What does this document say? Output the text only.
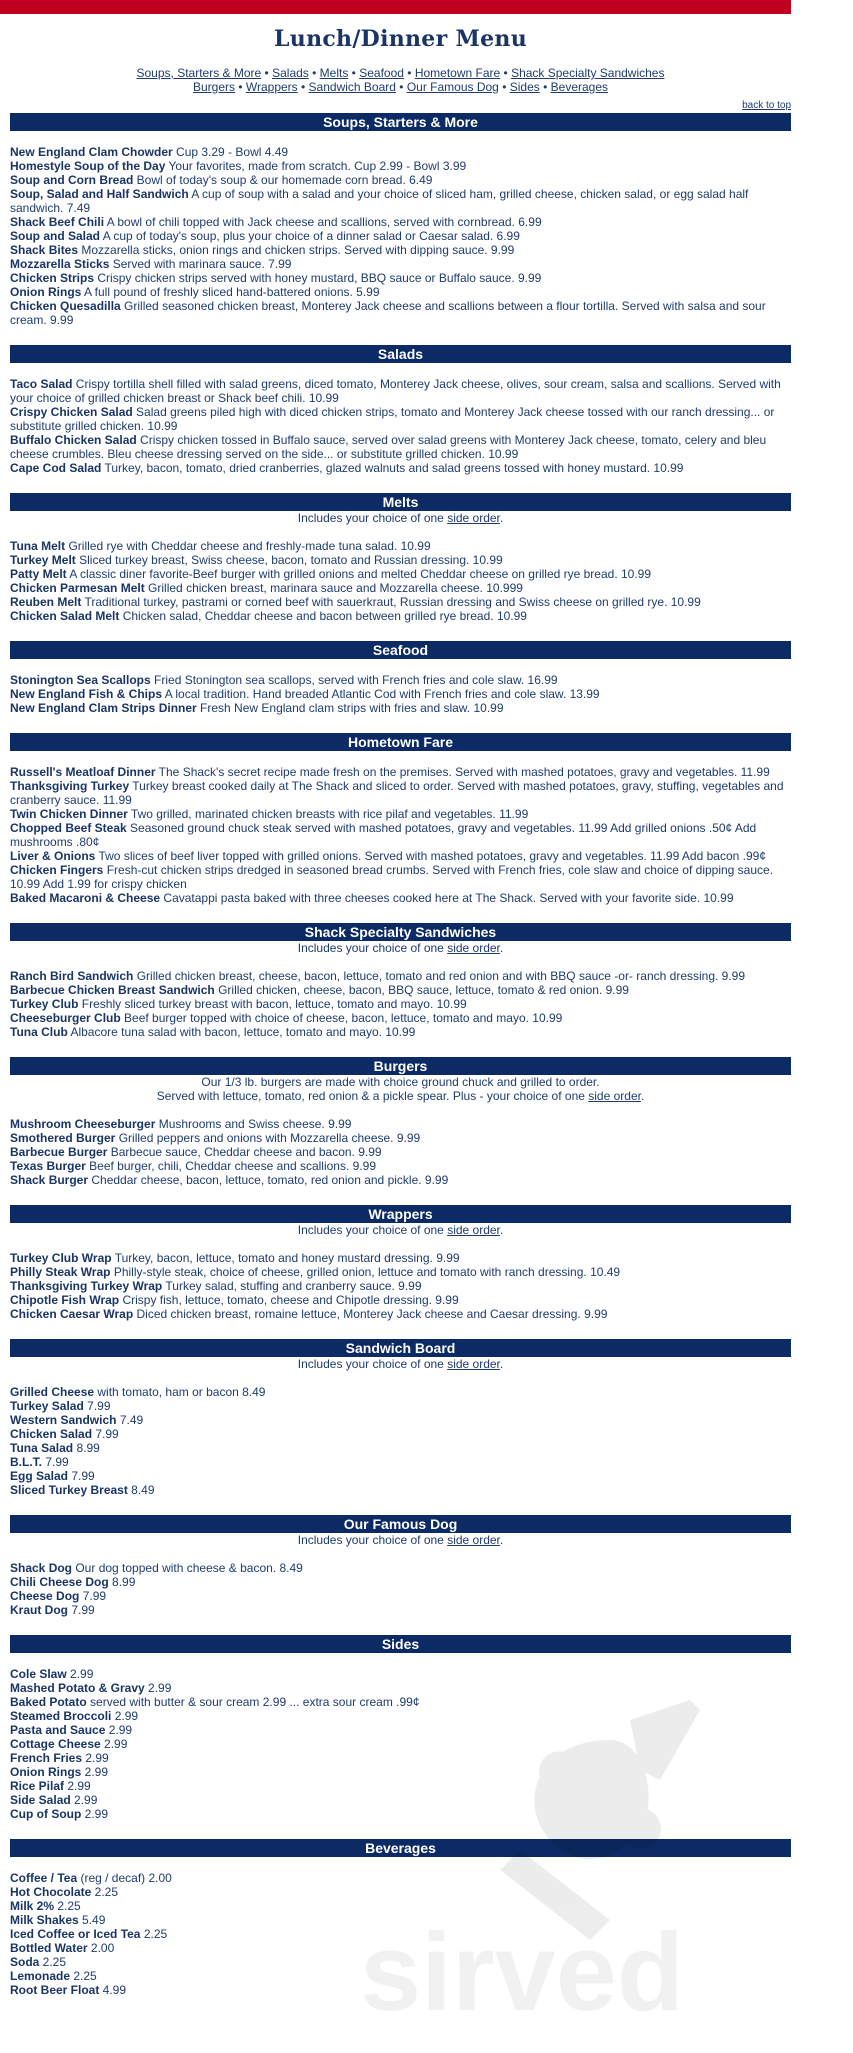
Lunch/Dinner Menu
Soups, Starters & More • Salads • Melts • Seafood • Hometown Fare • Shack Specialty Sandwiches
Burgers • Wrappers • Sandwich Board • Our Famous Dog • Sides • Beverages
back to top
Soups, Starters & More
New England Clam Chowder Cup 3.29 - Bowl 4.49
Homestyle Soup of the Day Your favorites, made from scratch. Cup 2.99 - Bowl 3.99
Soup and Corn Bread Bowl of today's soup & our homemade corn bread. 6.49
Soup, Salad and Half Sandwich A cup of soup with a salad and your choice of sliced ham, grilled cheese, chicken salad, or egg salad half sandwich. 7.49
Shack Beef Chili A bowl of chili topped with Jack cheese and scallions, served with cornbread. 6.99
Soup and Salad A cup of today's soup, plus your choice of a dinner salad or Caesar salad. 6.99
Shack Bites Mozzarella sticks, onion rings and chicken strips. Served with dipping sauce. 9.99
Mozzarella Sticks Served with marinara sauce. 7.99
Chicken Strips Crispy chicken strips served with honey mustard, BBQ sauce or Buffalo sauce. 9.99
Onion Rings A full pound of freshly sliced hand-battered onions. 5.99
Chicken Quesadilla Grilled seasoned chicken breast, Monterey Jack cheese and scallions between a flour tortilla. Served with salsa and sour cream. 9.99
Salads
Taco Salad Crispy tortilla shell filled with salad greens, diced tomato, Monterey Jack cheese, olives, sour cream, salsa and scallions. Served with your choice of grilled chicken breast or Shack beef chili. 10.99
Crispy Chicken Salad Salad greens piled high with diced chicken strips, tomato and Monterey Jack cheese tossed with our ranch dressing... or substitute grilled chicken. 10.99
Buffalo Chicken Salad Crispy chicken tossed in Buffalo sauce, served over salad greens with Monterey Jack cheese, tomato, celery and bleu cheese crumbles. Bleu cheese dressing served on the side... or substitute grilled chicken. 10.99
Cape Cod Salad Turkey, bacon, tomato, dried cranberries, glazed walnuts and salad greens tossed with honey mustard. 10.99
Melts
Includes your choice of one side order.
Tuna Melt Grilled rye with Cheddar cheese and freshly-made tuna salad. 10.99
Turkey Melt Sliced turkey breast, Swiss cheese, bacon, tomato and Russian dressing. 10.99
Patty Melt A classic diner favorite-Beef burger with grilled onions and melted Cheddar cheese on grilled rye bread. 10.99
Chicken Parmesan Melt Grilled chicken breast, marinara sauce and Mozzarella cheese. 10.999
Reuben Melt Traditional turkey, pastrami or corned beef with sauerkraut, Russian dressing and Swiss cheese on grilled rye. 10.99
Chicken Salad Melt Chicken salad, Cheddar cheese and bacon between grilled rye bread. 10.99
Seafood
Stonington Sea Scallops Fried Stonington sea scallops, served with French fries and cole slaw. 16.99
New England Fish & Chips A local tradition. Hand breaded Atlantic Cod with French fries and cole slaw. 13.99
New England Clam Strips Dinner Fresh New England clam strips with fries and slaw. 10.99
Hometown Fare
Russell's Meatloaf Dinner The Shack's secret recipe made fresh on the premises. Served with mashed potatoes, gravy and vegetables. 11.99
Thanksgiving Turkey Turkey breast cooked daily at The Shack and sliced to order. Served with mashed potatoes, gravy, stuffing, vegetables and cranberry sauce. 11.99
Twin Chicken Dinner Two grilled, marinated chicken breasts with rice pilaf and vegetables. 11.99
Chopped Beef Steak Seasoned ground chuck steak served with mashed potatoes, gravy and vegetables. 11.99 Add grilled onions .50¢ Add mushrooms .80¢
Liver & Onions Two slices of beef liver topped with grilled onions. Served with mashed potatoes, gravy and vegetables. 11.99 Add bacon .99¢
Chicken Fingers Fresh-cut chicken strips dredged in seasoned bread crumbs. Served with French fries, cole slaw and choice of dipping sauce. 10.99 Add 1.99 for crispy chicken
Baked Macaroni & Cheese Cavatappi pasta baked with three cheeses cooked here at The Shack. Served with your favorite side. 10.99
Shack Specialty Sandwiches
Includes your choice of one side order.
Ranch Bird Sandwich Grilled chicken breast, cheese, bacon, lettuce, tomato and red onion and with BBQ sauce -or- ranch dressing. 9.99
Barbecue Chicken Breast Sandwich Grilled chicken, cheese, bacon, BBQ sauce, lettuce, tomato & red onion. 9.99
Turkey Club Freshly sliced turkey breast with bacon, lettuce, tomato and mayo. 10.99
Cheeseburger Club Beef burger topped with choice of cheese, bacon, lettuce, tomato and mayo. 10.99
Tuna Club Albacore tuna salad with bacon, lettuce, tomato and mayo. 10.99
Burgers
Our 1/3 lb. burgers are made with choice ground chuck and grilled to order.
Served with lettuce, tomato, red onion & a pickle spear. Plus - your choice of one side order.
Mushroom Cheeseburger Mushrooms and Swiss cheese. 9.99
Smothered Burger Grilled peppers and onions with Mozzarella cheese. 9.99
Barbecue Burger Barbecue sauce, Cheddar cheese and bacon. 9.99
Texas Burger Beef burger, chili, Cheddar cheese and scallions. 9.99
Shack Burger Cheddar cheese, bacon, lettuce, tomato, red onion and pickle. 9.99
Wrappers
Includes your choice of one side order.
Turkey Club Wrap Turkey, bacon, lettuce, tomato and honey mustard dressing. 9.99
Philly Steak Wrap Philly-style steak, choice of cheese, grilled onion, lettuce and tomato with ranch dressing. 10.49
Thanksgiving Turkey Wrap Turkey salad, stuffing and cranberry sauce. 9.99
Chipotle Fish Wrap Crispy fish, lettuce, tomato, cheese and Chipotle dressing. 9.99
Chicken Caesar Wrap Diced chicken breast, romaine lettuce, Monterey Jack cheese and Caesar dressing. 9.99
Sandwich Board
Includes your choice of one side order.
Grilled Cheese with tomato, ham or bacon 8.49
Turkey Salad 7.99
Western Sandwich 7.49
Chicken Salad 7.99
Tuna Salad 8.99
B.L.T. 7.99
Egg Salad 7.99
Sliced Turkey Breast 8.49
Our Famous Dog
Includes your choice of one side order.
Shack Dog Our dog topped with cheese & bacon. 8.49
Chili Cheese Dog 8.99
Cheese Dog 7.99
Kraut Dog 7.99
Sides
Cole Slaw 2.99
Mashed Potato & Gravy 2.99
Baked Potato served with butter & sour cream 2.99 ... extra sour cream .99¢
Steamed Broccoli 2.99
Pasta and Sauce 2.99
Cottage Cheese 2.99
French Fries 2.99
Onion Rings 2.99
Rice Pilaf 2.99
Side Salad 2.99
Cup of Soup 2.99
Beverages
Coffee / Tea (reg / decaf) 2.00
Hot Chocolate 2.25
Milk 2% 2.25
Milk Shakes 5.49
Iced Coffee or Iced Tea 2.25
Bottled Water 2.00
Soda 2.25
Lemonade 2.25
Root Beer Float 4.99	sirved
